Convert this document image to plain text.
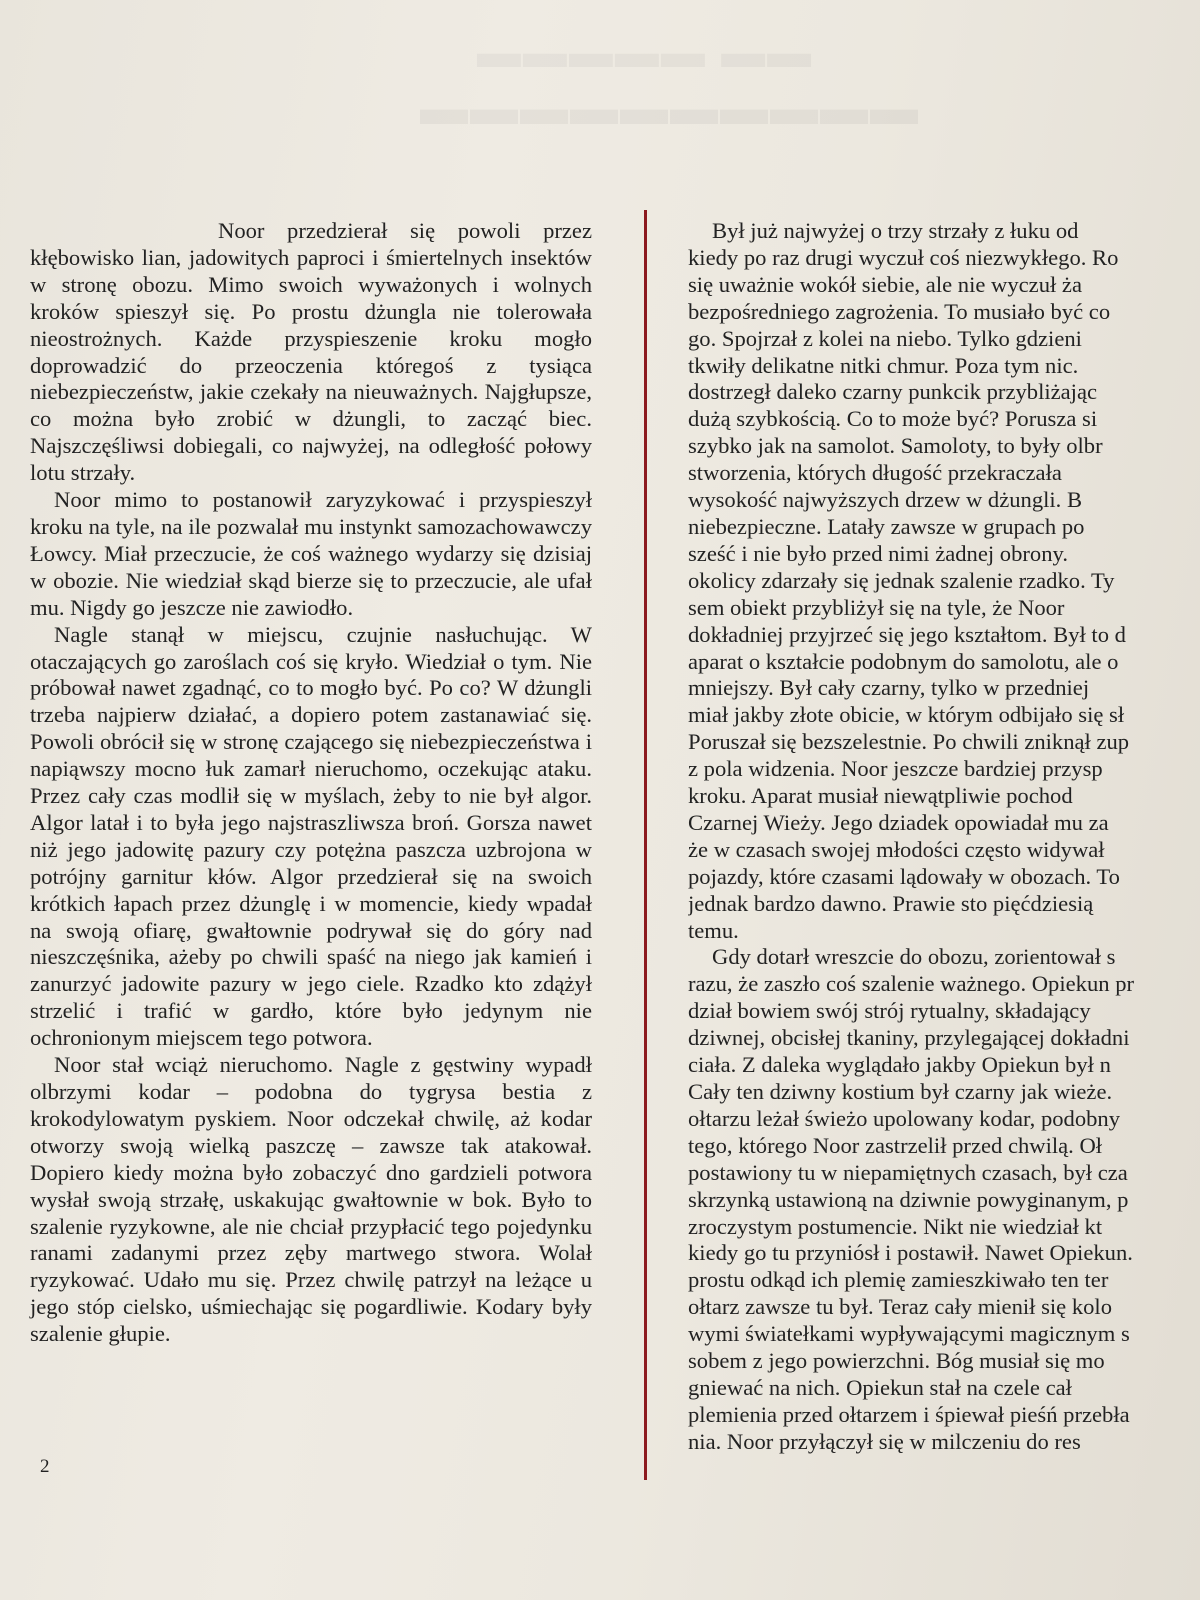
▬▬▬▬▬ ▬▬
▬▬▬▬▬▬▬▬▬▬

Noor przedzierał się powoli przez kłębowisko lian, jadowitych paproci i śmiertelnych insektów w stronę obozu. Mimo swoich wyważonych i wolnych kroków spieszył się. Po prostu dżungla nie tolerowała nieostrożnych. Każde przyspieszenie kroku mogło doprowadzić do przeoczenia któregoś z tysiąca niebezpieczeństw, jakie czekały na nieuważnych. Najgłupsze, co można było zrobić w dżungli, to zacząć biec. Najszczęśliwsi dobiegali, co najwyżej, na odległość połowy lotu strzały.

Noor mimo to postanowił zaryzykować i przyspieszył kroku na tyle, na ile pozwalał mu instynkt samozachowawczy Łowcy. Miał przeczucie, że coś ważnego wydarzy się dzisiaj w obozie. Nie wiedział skąd bierze się to przeczucie, ale ufał mu. Nigdy go jeszcze nie zawiodło.

Nagle stanął w miejscu, czujnie nasłuchując. W otaczających go zaroślach coś się kryło. Wiedział o tym. Nie próbował nawet zgadnąć, co to mogło być. Po co? W dżungli trzeba najpierw działać, a dopiero potem zastanawiać się. Powoli obrócił się w stronę czającego się niebezpieczeństwa i napiąwszy mocno łuk zamarł nieruchomo, oczekując ataku. Przez cały czas modlił się w myślach, żeby to nie był algor. Algor latał i to była jego najstraszliwsza broń. Gorsza nawet niż jego jadowitę pazury czy potężna paszcza uzbrojona w potrójny garnitur kłów. Algor przedzierał się na swoich krótkich łapach przez dżunglę i w momencie, kiedy wpadał na swoją ofiarę, gwałtownie podrywał się do góry nad nieszczęśnika, ażeby po chwili spaść na niego jak kamień i zanurzyć jadowite pazury w jego ciele. Rzadko kto zdążył strzelić i trafić w gardło, które było jedynym nie ochronionym miejscem tego potwora.

Noor stał wciąż nieruchomo. Nagle z gęstwiny wypadł olbrzymi kodar – podobna do tygrysa bestia z krokodylowatym pyskiem. Noor odczekał chwilę, aż kodar otworzy swoją wielką paszczę – zawsze tak atakował. Dopiero kiedy można było zobaczyć dno gardzieli potwora wysłał swoją strzałę, uskakując gwałtownie w bok. Było to szalenie ryzykowne, ale nie chciał przypłacić tego pojedynku ranami zadanymi przez zęby martwego stwora. Wolał ryzykować. Udało mu się. Przez chwilę patrzył na leżące u jego stóp cielsko, uśmiechając się pogardliwie. Kodary były szalenie głupie.

Był już najwyżej o trzy strzały z łuku od

kiedy po raz drugi wyczuł coś niezwykłego. Ro

się uważnie wokół siebie, ale nie wyczuł ża

bezpośredniego zagrożenia. To musiało być co

go. Spojrzał z kolei na niebo. Tylko gdzieni

tkwiły delikatne nitki chmur. Poza tym nic.

dostrzegł daleko czarny punkcik przybliżając

dużą szybkością. Co to może być? Porusza si

szybko jak na samolot. Samoloty, to były olbr

stworzenia, których długość przekraczała

wysokość najwyższych drzew w dżungli. B

niebezpieczne. Latały zawsze w grupach po

sześć i nie było przed nimi żadnej obrony.

okolicy zdarzały się jednak szalenie rzadko. Ty

sem obiekt przybliżył się na tyle, że Noor

dokładniej przyjrzeć się jego kształtom. Był to d

aparat o kształcie podobnym do samolotu, ale o

mniejszy. Był cały czarny, tylko w przedniej

miał jakby złote obicie, w którym odbijało się sł

Poruszał się bezszelestnie. Po chwili zniknął zup

z pola widzenia. Noor jeszcze bardziej przysp

kroku. Aparat musiał niewątpliwie pochod

Czarnej Wieży. Jego dziadek opowiadał mu za

że w czasach swojej młodości często widywał

pojazdy, które czasami lądowały w obozach. To

jednak bardzo dawno. Prawie sto pięćdziesią

temu.

Gdy dotarł wreszcie do obozu, zorientował s

razu, że zaszło coś szalenie ważnego. Opiekun pr

dział bowiem swój strój rytualny, składający

dziwnej, obcisłej tkaniny, przylegającej dokładni

ciała. Z daleka wyglądało jakby Opiekun był n

Cały ten dziwny kostium był czarny jak wieże.

ołtarzu leżał świeżo upolowany kodar, podobny

tego, którego Noor zastrzelił przed chwilą. Oł

postawiony tu w niepamiętnych czasach, był cza

skrzynką ustawioną na dziwnie powyginanym, p

zroczystym postumencie. Nikt nie wiedział kt

kiedy go tu przyniósł i postawił. Nawet Opiekun.

prostu odkąd ich plemię zamieszkiwało ten ter

ołtarz zawsze tu był. Teraz cały mienił się kolo

wymi światełkami wypływającymi magicznym s

sobem z jego powierzchni. Bóg musiał się mo

gniewać na nich. Opiekun stał na czele cał

plemienia przed ołtarzem i śpiewał pieśń przebła

nia. Noor przyłączył się w milczeniu do res

2
